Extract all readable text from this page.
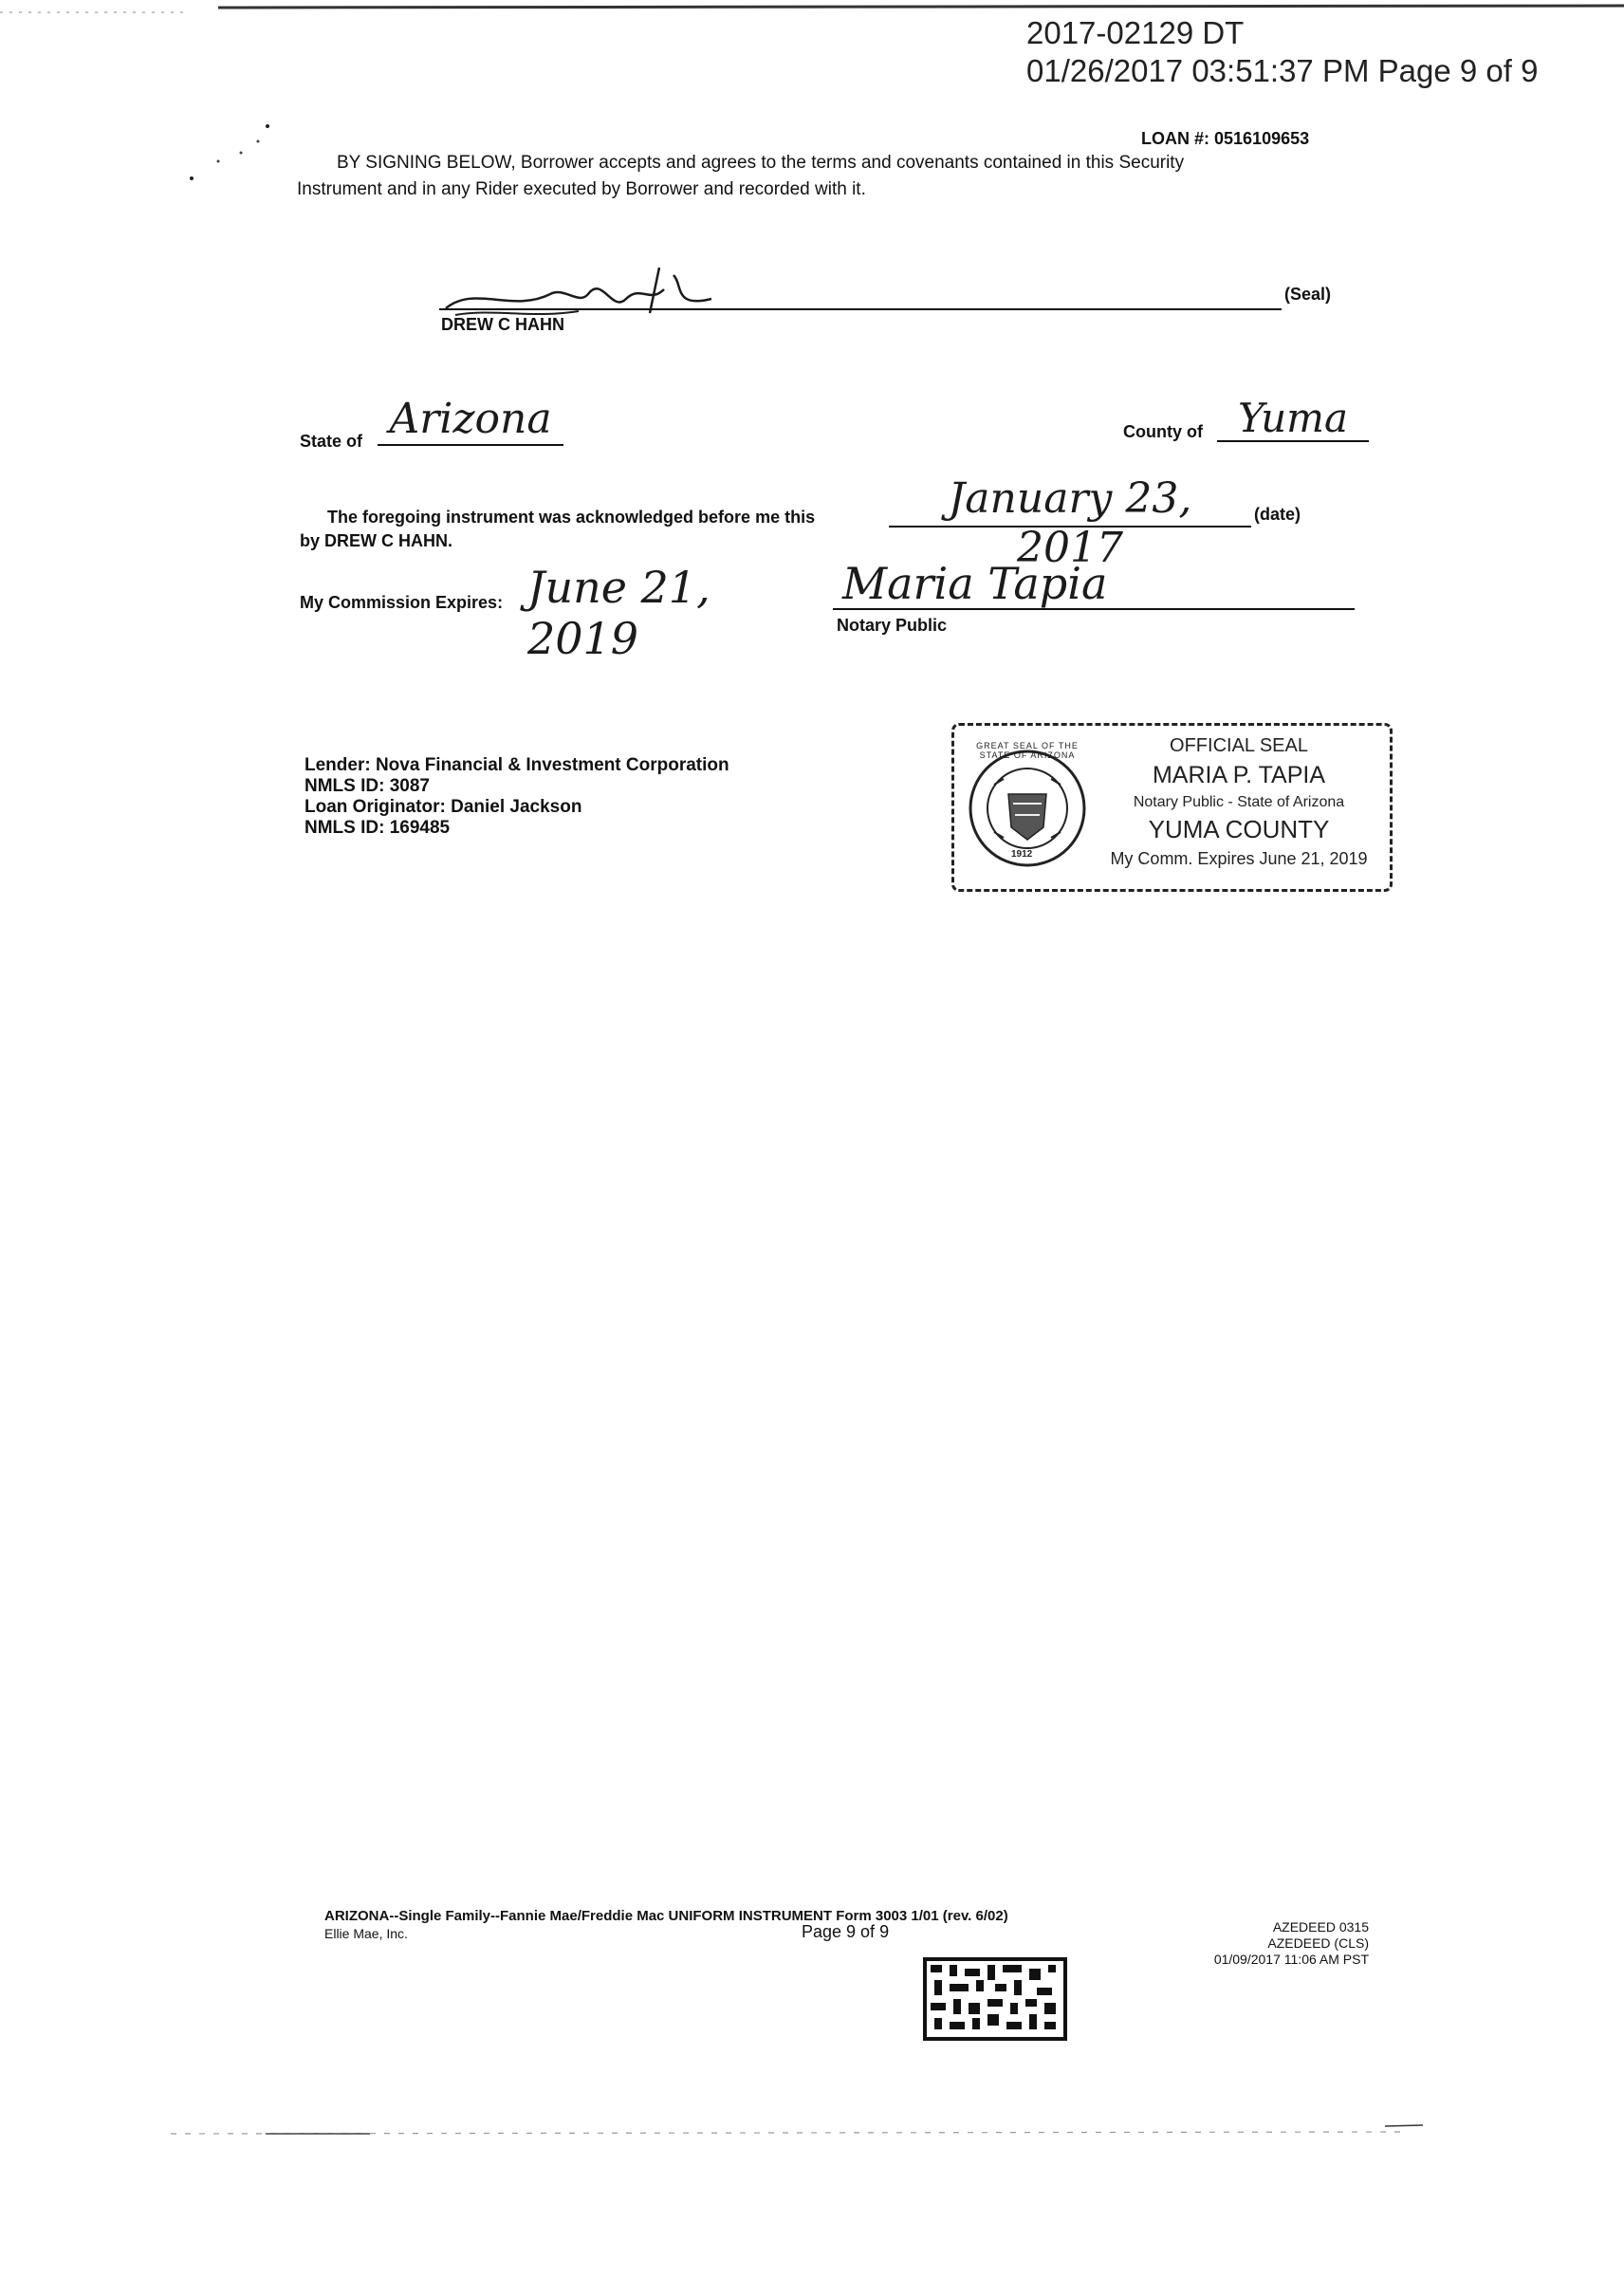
2017-02129 DT
01/26/2017 03:51:37 PM Page 9 of 9
LOAN #: 0516109653
BY SIGNING BELOW, Borrower accepts and agrees to the terms and covenants contained in this Security
Instrument and in any Rider executed by Borrower and recorded with it.
DREW C HAHN
(Seal)
State of Arizona	County of Yuma
The foregoing instrument was acknowledged before me this	January 23, 2017
(date)
by DREW C HAHN.
My Commission Expires: June 21, 2019
Maria Tapia
Notary Public
Lender: Nova Financial & Investment Corporation
NMLS ID: 3087
Loan Originator: Daniel Jackson
NMLS ID: 169485
GREAT SEAL OF THE STATE OF ARIZONA
1912
OFFICIAL SEAL
MARIA P. TAPIA
Notary Public - State of Arizona
YUMA COUNTY
My Comm. Expires June 21, 2019
ARIZONA--Single Family--Fannie Mae/Freddie Mac UNIFORM INSTRUMENT Form 3003 1/01 (rev. 6/02)
Ellie Mae, Inc.	Page 9 of 9	AZEDEED 0315
AZEDEED (CLS)
01/09/2017 11:06 AM PST
